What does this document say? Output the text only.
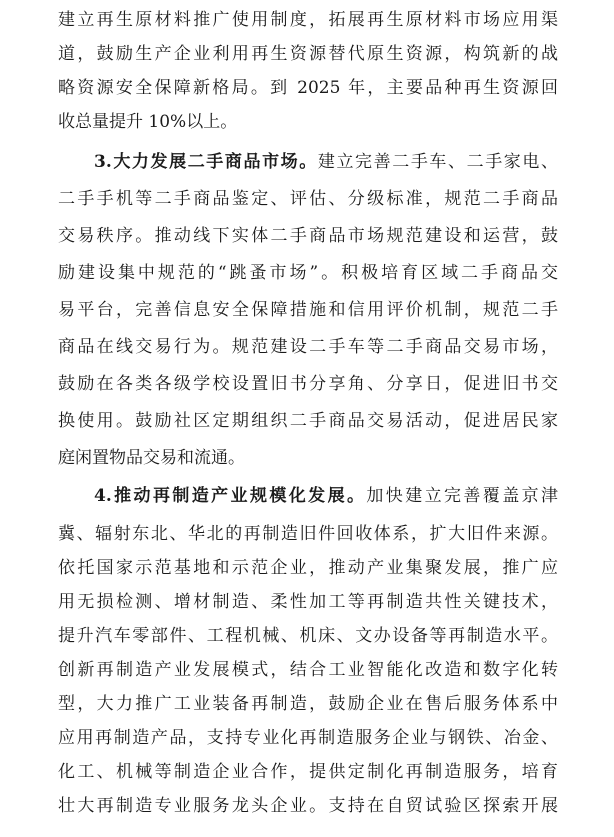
建立再生原材料推广使用制度，拓展再生原材料市场应用渠
道，鼓励生产企业利用再生资源替代原生资源，构筑新的战
略资源安全保障新格局。到 2025 年，主要品种再生资源回
收总量提升 10%以上。
3.大力发展二手商品市场。建立完善二手车、二手家电、
二手手机等二手商品鉴定、评估、分级标准，规范二手商品
交易秩序。推动线下实体二手商品市场规范建设和运营，鼓
励建设集中规范的“跳蚤市场”。积极培育区域二手商品交
易平台，完善信息安全保障措施和信用评价机制，规范二手
商品在线交易行为。规范建设二手车等二手商品交易市场，
鼓励在各类各级学校设置旧书分享角、分享日，促进旧书交
换使用。鼓励社区定期组织二手商品交易活动，促进居民家
庭闲置物品交易和流通。
4.推动再制造产业规模化发展。加快建立完善覆盖京津
冀、辐射东北、华北的再制造旧件回收体系，扩大旧件来源。
依托国家示范基地和示范企业，推动产业集聚发展，推广应
用无损检测、增材制造、柔性加工等再制造共性关键技术，
提升汽车零部件、工程机械、机床、文办设备等再制造水平。
创新再制造产业发展模式，结合工业智能化改造和数字化转
型，大力推广工业装备再制造，鼓励企业在售后服务体系中
应用再制造产品，支持专业化再制造服务企业与钢铁、冶金、
化工、机械等制造企业合作，提供定制化再制造服务，培育
壮大再制造专业服务龙头企业。支持在自贸试验区探索开展
